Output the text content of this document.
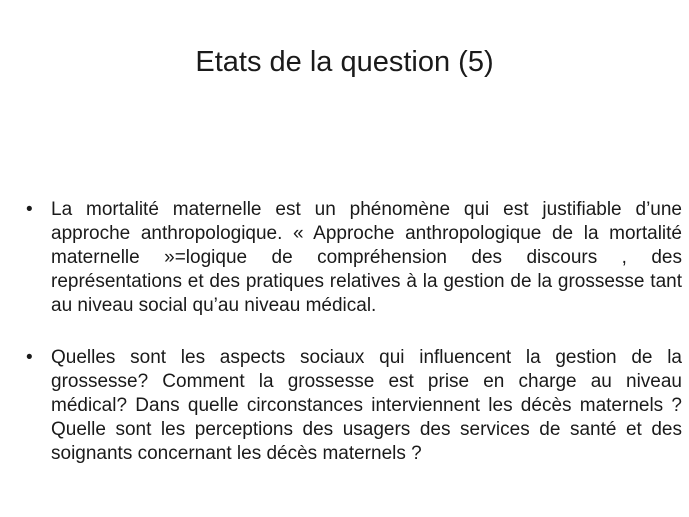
Etats de la question (5)
• La mortalité maternelle est un phénomène qui est justifiable d’une approche anthropologique. « Approche anthropologique de la mortalité maternelle »=logique de compréhension des discours , des représentations et des pratiques relatives à la gestion de la grossesse tant au niveau social qu’au niveau médical.
• Quelles sont les aspects sociaux qui influencent la gestion de la grossesse? Comment la grossesse est prise en charge au niveau médical? Dans quelle circonstances interviennent les décès maternels ? Quelle sont les perceptions des usagers des services de santé et des soignants concernant les décès maternels ?
